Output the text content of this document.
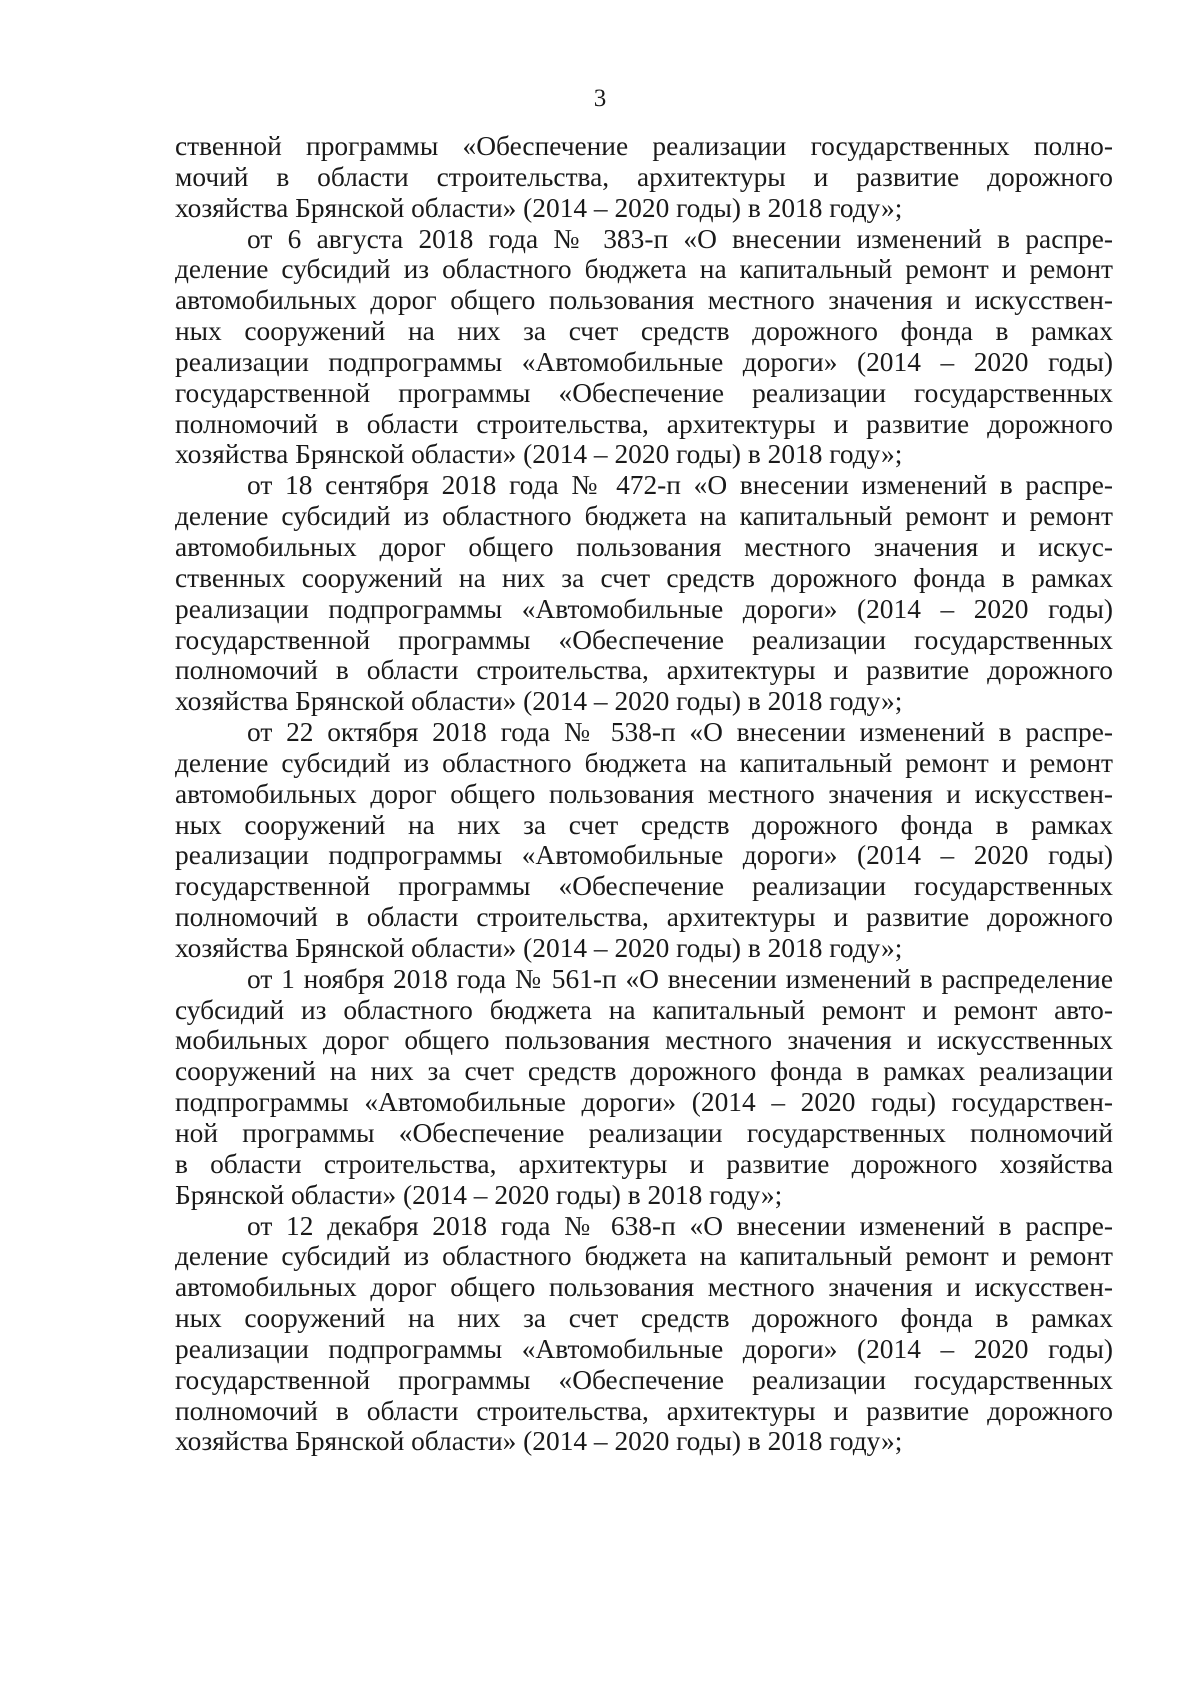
3
ственной программы «Обеспечение реализации государственных полно-
мочий в области строительства, архитектуры и развитие дорожного
хозяйства Брянской области» (2014 – 2020 годы) в 2018 году»;
от 6 августа 2018 года № 383-п «О внесении изменений в распре-
деление субсидий из областного бюджета на капитальный ремонт и ремонт
автомобильных дорог общего пользования местного значения и искусствен-
ных сооружений на них за счет средств дорожного фонда в рамках
реализации подпрограммы «Автомобильные дороги» (2014 – 2020 годы)
государственной программы «Обеспечение реализации государственных
полномочий в области строительства, архитектуры и развитие дорожного
хозяйства Брянской области» (2014 – 2020 годы) в 2018 году»;
от 18 сентября 2018 года № 472-п «О внесении изменений в распре-
деление субсидий из областного бюджета на капитальный ремонт и ремонт
автомобильных дорог общего пользования местного значения и искус-
ственных сооружений на них за счет средств дорожного фонда в рамках
реализации подпрограммы «Автомобильные дороги» (2014 – 2020 годы)
государственной программы «Обеспечение реализации государственных
полномочий в области строительства, архитектуры и развитие дорожного
хозяйства Брянской области» (2014 – 2020 годы) в 2018 году»;
от 22 октября 2018 года № 538-п «О внесении изменений в распре-
деление субсидий из областного бюджета на капитальный ремонт и ремонт
автомобильных дорог общего пользования местного значения и искусствен-
ных сооружений на них за счет средств дорожного фонда в рамках
реализации подпрограммы «Автомобильные дороги» (2014 – 2020 годы)
государственной программы «Обеспечение реализации государственных
полномочий в области строительства, архитектуры и развитие дорожного
хозяйства Брянской области» (2014 – 2020 годы) в 2018 году»;
от 1 ноября 2018 года № 561-п «О внесении изменений в распределение
субсидий из областного бюджета на капитальный ремонт и ремонт авто-
мобильных дорог общего пользования местного значения и искусственных
сооружений на них за счет средств дорожного фонда в рамках реализации
подпрограммы «Автомобильные дороги» (2014 – 2020 годы) государствен-
ной программы «Обеспечение реализации государственных полномочий
в области строительства, архитектуры и развитие дорожного хозяйства
Брянской области» (2014 – 2020 годы) в 2018 году»;
от 12 декабря 2018 года № 638-п «О внесении изменений в распре-
деление субсидий из областного бюджета на капитальный ремонт и ремонт
автомобильных дорог общего пользования местного значения и искусствен-
ных сооружений на них за счет средств дорожного фонда в рамках
реализации подпрограммы «Автомобильные дороги» (2014 – 2020 годы)
государственной программы «Обеспечение реализации государственных
полномочий в области строительства, архитектуры и развитие дорожного
хозяйства Брянской области» (2014 – 2020 годы) в 2018 году»;
